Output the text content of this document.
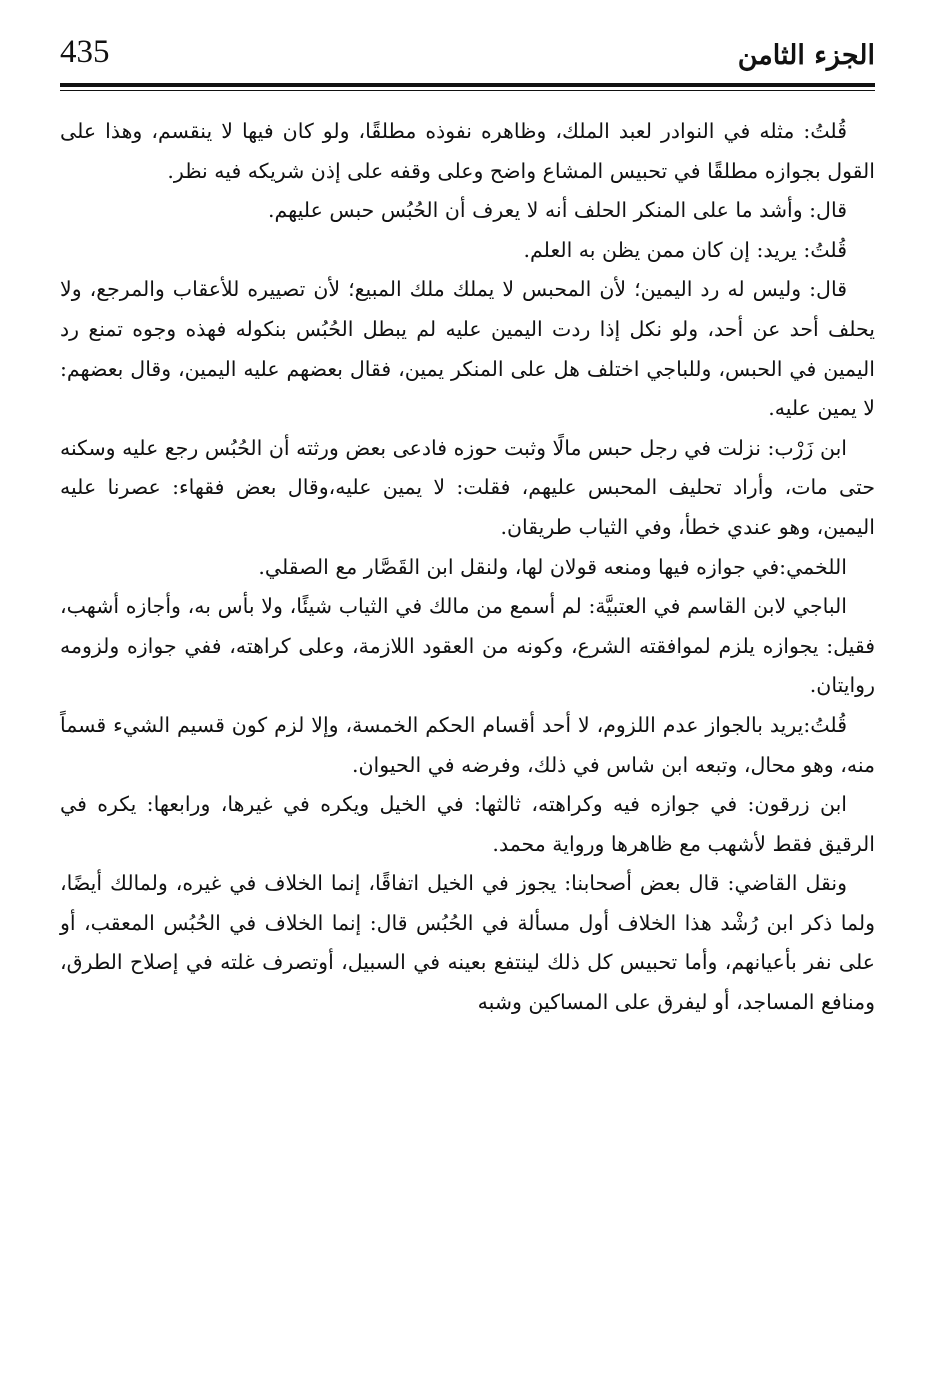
435	الجزء الثامن

قُلتُ: مثله في النوادر لعبد الملك، وظاهره نفوذه مطلقًا، ولو كان فيها لا ينقسم، وهذا على القول بجوازه مطلقًا في تحبيس المشاع واضح وعلى وقفه على إذن شريكه فيه نظر.

قال: وأشد ما على المنكر الحلف أنه لا يعرف أن الحُبُس حبس عليهم.

قُلتُ: يريد: إن كان ممن يظن به العلم.

قال: وليس له رد اليمين؛ لأن المحبس لا يملك ملك المبيع؛ لأن تصييره للأعقاب والمرجع، ولا يحلف أحد عن أحد، ولو نكل إذا ردت اليمين عليه لم يبطل الحُبُس بنكوله فهذه وجوه تمنع رد اليمين في الحبس، وللباجي اختلف هل على المنكر يمين، فقال بعضهم عليه اليمين، وقال بعضهم: لا يمين عليه.

ابن زَرْب: نزلت في رجل حبس مالًا وثبت حوزه فادعى بعض ورثته أن الحُبُس رجع عليه وسكنه حتى مات، وأراد تحليف المحبس عليهم، فقلت: لا يمين عليه،وقال بعض فقهاء: عصرنا عليه اليمين، وهو عندي خطأ، وفي الثياب طريقان.

اللخمي:في جوازه فيها ومنعه قولان لها، ولنقل ابن القَصَّار مع الصقلي.

الباجي لابن القاسم في العتبيَّة: لم أسمع من مالك في الثياب شيئًا، ولا بأس به، وأجازه أشهب، فقيل: يجوازه يلزم لموافقته الشرع، وكونه من العقود اللازمة، وعلى كراهته، ففي جوازه ولزومه روايتان.

قُلتُ:يريد بالجواز عدم اللزوم، لا أحد أقسام الحكم الخمسة، وإلا لزم كون قسيم الشيء قسماً منه، وهو محال، وتبعه ابن شاس في ذلك، وفرضه في الحيوان.

ابن زرقون: في جوازه فيه وكراهته، ثالثها: في الخيل ويكره في غيرها، ورابعها: يكره في الرقيق فقط لأشهب مع ظاهرها ورواية محمد.

ونقل القاضي: قال بعض أصحابنا: يجوز في الخيل اتفاقًا، إنما الخلاف في غيره، ولمالك أيضًا، ولما ذكر ابن رُشْد هذا الخلاف أول مسألة في الحُبُس قال: إنما الخلاف في الحُبُس المعقب، أو على نفر بأعيانهم، وأما تحبيس كل ذلك لينتفع بعينه في السبيل، أوتصرف غلته في إصلاح الطرق، ومنافع المساجد، أو ليفرق على المساكين وشبه
